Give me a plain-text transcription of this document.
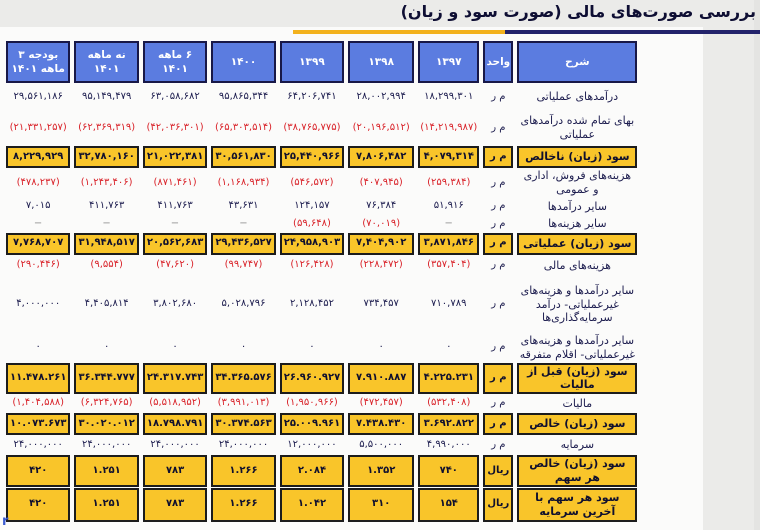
بررسی صورت‌های مالی (صورت سود و زیان)
شرح	واحد	۱۳۹۷	۱۳۹۸	۱۳۹۹	۱۴۰۰	۶ ماهه ۱۴۰۱	نه ماهه ۱۴۰۱	بودجه ۳ ماهه ۱۴۰۱
درآمدهای عملیاتی	م ر	۱۸,۲۹۹,۳۰۱	۲۸,۰۰۲,۹۹۴	۶۴,۲۰۶,۷۴۱	۹۵,۸۶۵,۳۴۴	۶۳,۰۵۸,۶۸۲	۹۵,۱۴۹,۴۷۹	۲۹,۵۶۱,۱۸۶
بهای تمام شده درآمدهای عملیاتی	م ر	(۱۴,۲۱۹,۹۸۷)	(۲۰,۱۹۶,۵۱۲)	(۳۸,۷۶۵,۷۷۵)	(۶۵,۳۰۳,۵۱۴)	(۴۲,۰۳۶,۳۰۱)	(۶۲,۳۶۹,۳۱۹)	(۲۱,۳۳۱,۲۵۷)
سود (زیان) ناخالص	م ر	۴,۰۷۹,۳۱۴	۷,۸۰۶,۴۸۲	۲۵,۴۴۰,۹۶۶	۳۰,۵۶۱,۸۳۰	۲۱,۰۲۲,۳۸۱	۳۲,۷۸۰,۱۶۰	۸,۲۲۹,۹۲۹
هزینه‌های فروش، اداری و عمومی	م ر	(۲۵۹,۳۸۴)	(۴۰۷,۹۴۵)	(۵۴۶,۵۷۲)	(۱,۱۶۸,۹۳۴)	(۸۷۱,۴۶۱)	(۱,۲۴۳,۴۰۶)	(۴۷۸,۲۳۷)
سایر درآمدها	م ر	۵۱,۹۱۶	۷۶,۳۸۴	۱۲۴,۱۵۷	۴۳,۶۳۱	۴۱۱,۷۶۳	۴۱۱,۷۶۳	۷,۰۱۵
سایر هزینه‌ها	م ر	−	(۷۰,۰۱۹)	(۵۹,۶۴۸)	−	−	−	−
سود (زیان) عملیاتی	م ر	۳,۸۷۱,۸۴۶	۷,۴۰۴,۹۰۲	۲۴,۹۵۸,۹۰۳	۲۹,۴۳۶,۵۲۷	۲۰,۵۶۲,۶۸۳	۳۱,۹۴۸,۵۱۷	۷,۷۶۸,۷۰۷
هزینه‌های مالی	م ر	(۳۵۷,۴۰۴)	(۲۲۸,۴۷۲)	(۱۲۶,۴۲۸)	(۹۹,۷۴۷)	(۴۷,۶۲۰)	(۹,۵۵۴)	(۲۹۰,۴۴۶)
سایر درآمدها و هزینه‌های غیرعملیاتی- درآمد سرمایه‌گذاری‌ها	م ر	۷۱۰,۷۸۹	۷۳۴,۴۵۷	۲,۱۲۸,۴۵۲	۵,۰۲۸,۷۹۶	۳,۸۰۲,۶۸۰	۴,۴۰۵,۸۱۴	۴,۰۰۰,۰۰۰
سایر درآمدها و هزینه‌های غیرعملیاتی- اقلام متفرقه	م ر	۰	۰	۰	۰	۰	۰	۰
سود (زیان) قبل از مالیات	م ر	۴.۲۲۵.۲۳۱	۷.۹۱۰.۸۸۷	۲۶.۹۶۰.۹۲۷	۳۴.۳۶۵.۵۷۶	۲۴.۳۱۷.۷۴۳	۳۶.۳۴۴.۷۷۷	۱۱.۴۷۸.۲۶۱
مالیات	م ر	(۵۳۲,۴۰۸)	(۴۷۲,۴۵۷)	(۱,۹۵۰,۹۶۶)	(۳,۹۹۱,۰۱۳)	(۵,۵۱۸,۹۵۲)	(۶,۳۲۴,۷۶۵)	(۱,۴۰۴,۵۸۸)
سود (زیان) خالص	م ر	۳.۶۹۲.۸۲۲	۷.۴۳۸.۴۳۰	۲۵.۰۰۹.۹۶۱	۳۰.۳۷۴.۵۶۳	۱۸.۷۹۸.۷۹۱	۳۰.۰۲۰.۰۱۲	۱۰.۰۷۳.۶۷۳
سرمایه	م ر	۴,۹۹۰,۰۰۰	۵,۵۰۰,۰۰۰	۱۲,۰۰۰,۰۰۰	۲۴,۰۰۰,۰۰۰	۲۴,۰۰۰,۰۰۰	۲۴,۰۰۰,۰۰۰	۲۴,۰۰۰,۰۰۰
سود (زیان) خالص هر سهم	ریال	۷۴۰	۱.۳۵۲	۲.۰۸۴	۱.۲۶۶	۷۸۳	۱.۲۵۱	۴۲۰
سود هر سهم با آخرین سرمایه	ریال	۱۵۴	۳۱۰	۱.۰۴۲	۱.۲۶۶	۷۸۳	۱.۲۵۱	۴۲۰
r
